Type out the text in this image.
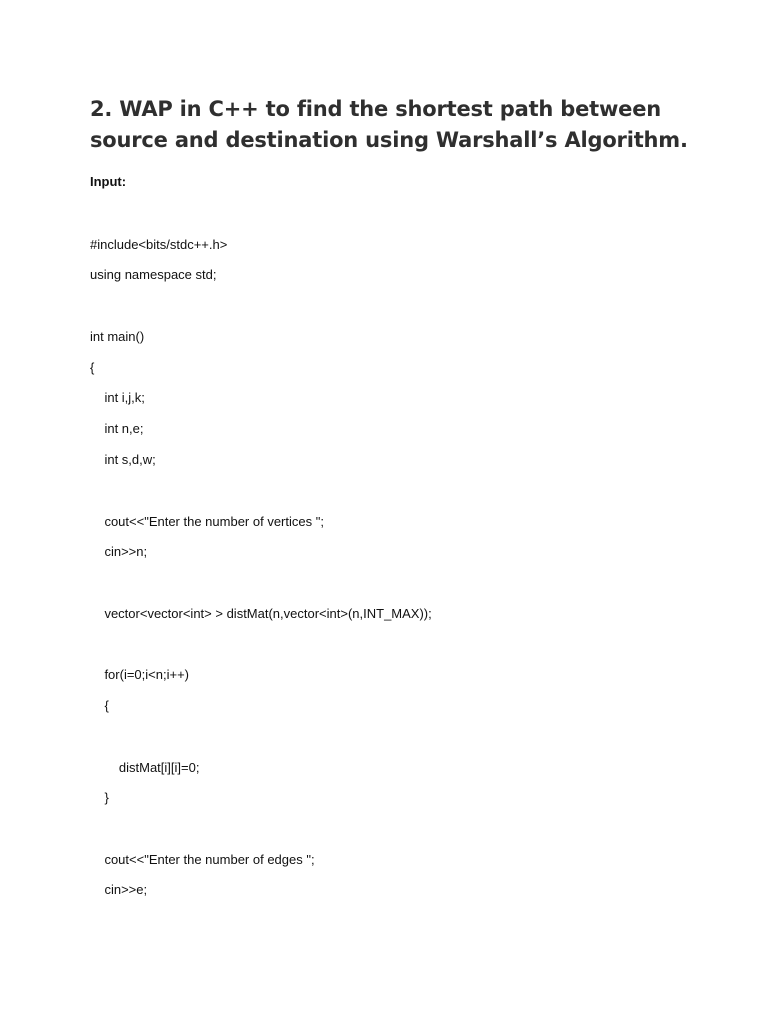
2. WAP in C++ to find the shortest path between
source and destination using Warshall’s Algorithm.
Input:
#include<bits/stdc++.h>
using namespace std;
int main()
{
int i,j,k;
int n,e;
int s,d,w;
cout<<"Enter the number of vertices ";
cin>>n;
vector<vector<int> > distMat(n,vector<int>(n,INT_MAX));
for(i=0;i<n;i++)
{
distMat[i][i]=0;
}
cout<<"Enter the number of edges ";
cin>>e;
